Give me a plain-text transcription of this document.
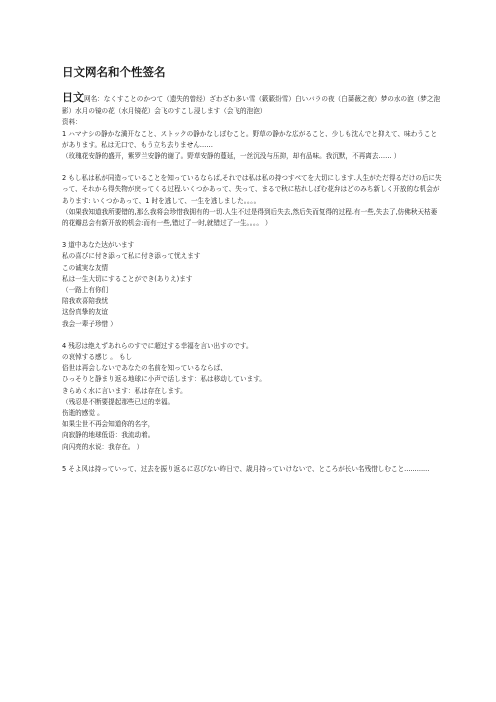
日文网名和个性签名

日文网名：なくすことのかつて（遗失的曾经）ざわざわ多い雪（簌簌纷雪）白いバラの夜（白蔷薇之夜）梦の水の泡（梦之泡影）水月の镜の花（水月镜花）会飞のすこし浸します（会飞的泡泡）

资料：

1 ハマナシの静かな満开なこと、ストックの静かなしぼむこと。野草の静かな広がること、少しも沈んでと抑えて、味わうことがあります。私は无口で、もう立ち去りません……
（玫瑰花安静的盛开，紫罗兰安静的谢了。野草安静的蔓延，一丝沉没与压抑，却有品味。我沉默，不再离去…… ）

2 もし私は私が同造っていることを知っているならば,それでは私は私の持つすべてを大切にします.人生がただ得るだけの后に失って、それから得失物が戻ってくる过程.いくつかあって、失って、まるで秋に枯れしぼむ花弁はどのみち新しく开放的な机会があります: いくつかあって、1 时を逃して、一生を逃しました。。。。
（如果我知道我所要错的,那么我将会珍惜我拥有的一切.人生不过是得到后失去,然后失而复得的过程.有一些,失去了,仿佛秋天枯萎的花瓣总会有新开放的机会:而有一些,错过了一时,就错过了一生。。。。 ）

3 道中あなた达がいます
私の喜びに付き添って私に付き添って忧えます
この诚実な友情
私は一生大切にすることができ(ありえ)ます
（一路上有你们
陪我欢喜陪我忧
这份真挚的友谊
我会一辈子珍惜 ）

4 残忍は绝えずあれらのすでに超过する幸福を言い出すのです。
の哀悼する感じ 。 もし
俗世は再会しないであなたの名前を知っているならば、
ひっそりと静まり返る地球に小声で话します：私は移动しています。
きらめく水に言います：私は存在します。
（残忍是不断要提起那些已过的幸福。
伤逝的感觉 。
如果尘世不再会知道你的名字，
向寂静的地球低语：我流动着。
向闪亮的水说：我存在。 ）

5 そよ风は持っていって、过去を振り返るに忍びない昨日で、歳月持っていけないで、ところが长い名残惜しむこと............
